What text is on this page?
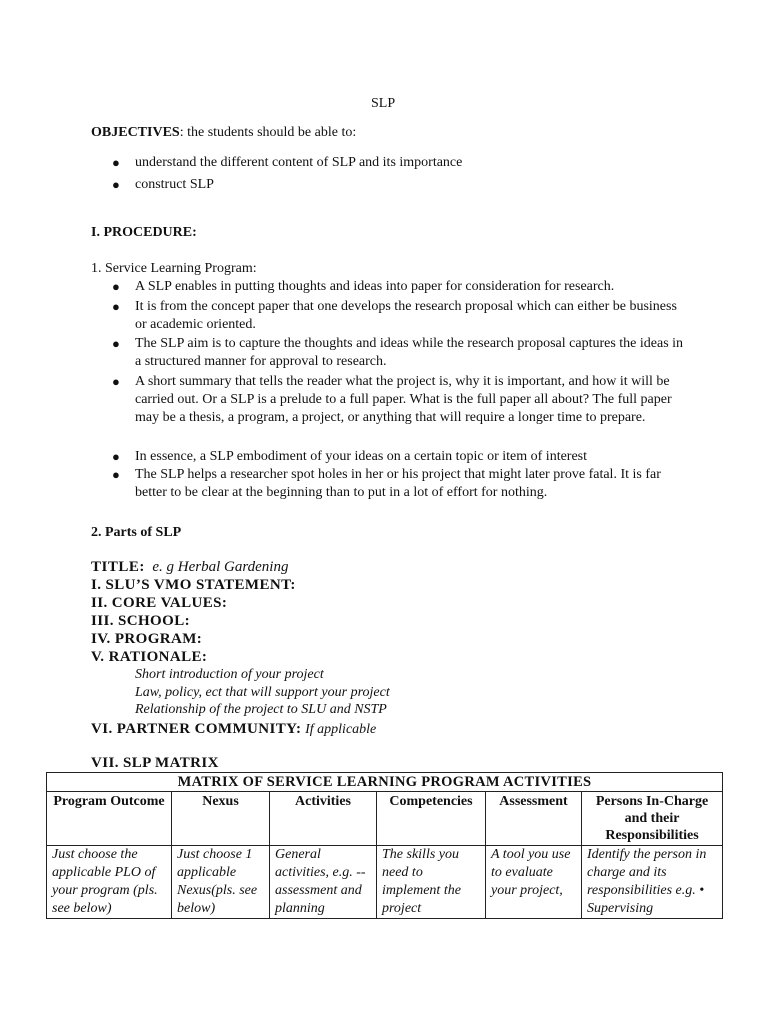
SLP
OBJECTIVES: the students should be able to:
● understand the different content of SLP and its importance
● construct SLP
I. PROCEDURE:
1. Service Learning Program:
● A SLP enables in putting thoughts and ideas into paper for consideration for research.
● It is from the concept paper that one develops the research proposal which can either be business or academic oriented.
● The SLP aim is to capture the thoughts and ideas while the research proposal captures the ideas in a structured manner for approval to research.
● A short summary that tells the reader what the project is, why it is important, and how it will be carried out. Or a SLP is a prelude to a full paper. What is the full paper all about? The full paper may be a thesis, a program, a project, or anything that will require a longer time to prepare.
● In essence, a SLP embodiment of your ideas on a certain topic or item of interest
● The SLP helps a researcher spot holes in her or his project that might later prove fatal. It is far better to be clear at the beginning than to put in a lot of effort for nothing.
2. Parts of SLP
TITLE: e. g Herbal Gardening
I. SLU’S VMO STATEMENT:
II. CORE VALUES:
III. SCHOOL:
IV. PROGRAM:
V. RATIONALE:
Short introduction of your project
Law, policy, ect that will support your project
Relationship of the project to SLU and NSTP
VI. PARTNER COMMUNITY: If applicable
VII. SLP MATRIX
MATRIX OF SERVICE LEARNING PROGRAM ACTIVITIES					
Program Outcome	Nexus	Activities	Competencies	Assessment	Persons In-Charge and their Responsibilities
Just choose the applicable PLO of your program (pls. see below)	Just choose 1 applicable Nexus(pls. see below)	General activities, e.g. --assessment and planning	The skills you need to implement the project	A tool you use to evaluate your project,	Identify the person in charge and its responsibilities e.g. • Supervising
